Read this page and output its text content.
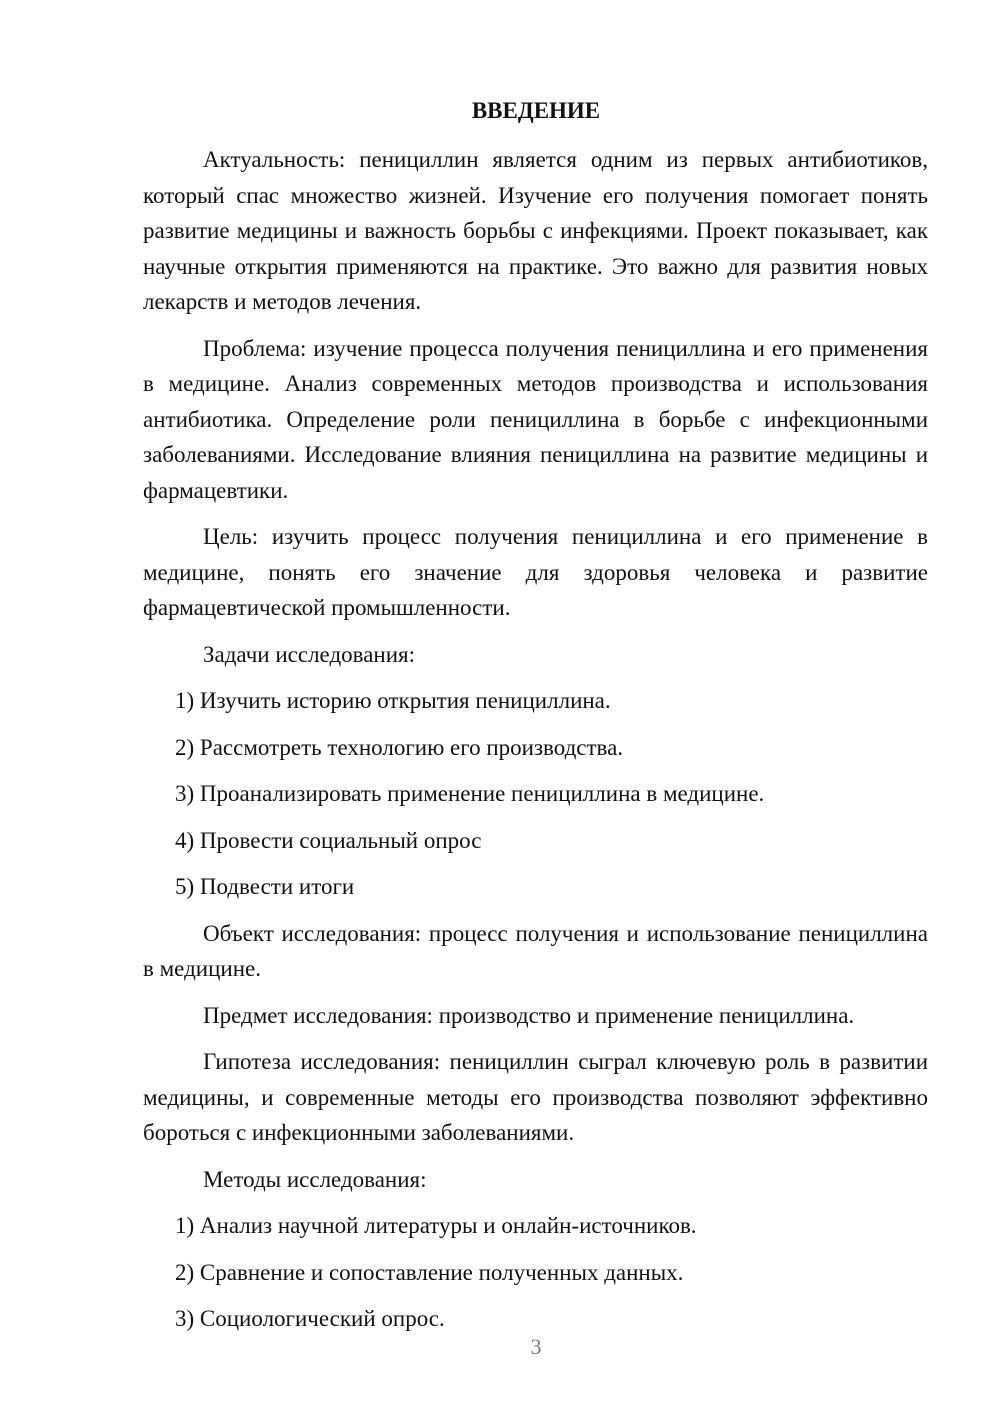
ВВЕДЕНИЕ

Актуальность: пенициллин является одним из первых антибиотиков, который спас множество жизней. Изучение его получения помогает понять развитие медицины и важность борьбы с инфекциями. Проект показывает, как научные открытия применяются на практике. Это важно для развития новых лекарств и методов лечения.

Проблема: изучение процесса получения пенициллина и его применения в медицине. Анализ современных методов производства и использования антибиотика. Определение роли пенициллина в борьбе с инфекционными заболеваниями. Исследование влияния пенициллина на развитие медицины и фармацевтики.

Цель: изучить процесс получения пенициллина и его применение в медицине, понять его значение для здоровья человека и развитие фармацевтической промышленности.

Задачи исследования:

1) Изучить историю открытия пенициллина.
2) Рассмотреть технологию его производства.
3) Проанализировать применение пенициллина в медицине.
4) Провести социальный опрос
5) Подвести итоги

Объект исследования: процесс получения и использование пенициллина в медицине.

Предмет исследования: производство и применение пенициллина.

Гипотеза исследования: пенициллин сыграл ключевую роль в развитии медицины, и современные методы его производства позволяют эффективно бороться с инфекционными заболеваниями.

Методы исследования:

1) Анализ научной литературы и онлайн-источников.
2) Сравнение и сопоставление полученных данных.
3) Социологический опрос.
3
